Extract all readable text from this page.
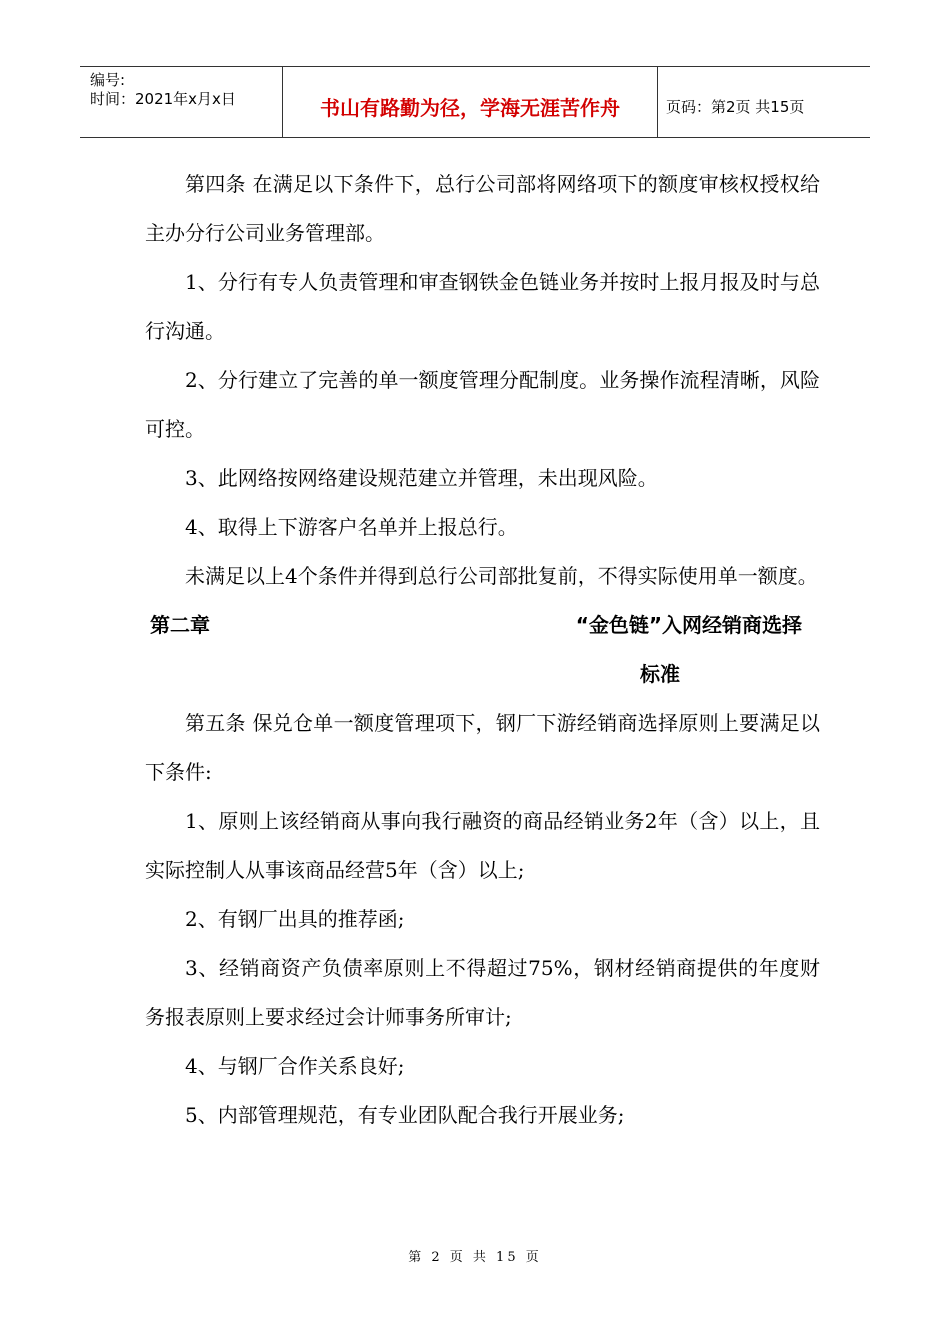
编号:
时间：2021年x月x日	书山有路勤为径，学海无涯苦作舟	页码：第2页 共15页

第四条 在满足以下条件下，总行公司部将网络项下的额度审核权授权给主办分行公司业务管理部。

1、分行有专人负责管理和审查钢铁金色链业务并按时上报月报及时与总行沟通。

2、分行建立了完善的单一额度管理分配制度。业务操作流程清晰，风险可控。

3、此网络按网络建设规范建立并管理，未出现风险。

4、取得上下游客户名单并上报总行。

未满足以上4个条件并得到总行公司部批复前，不得实际使用单一额度。

第二章	“金色链”入网经销商选择

标准

第五条 保兑仓单一额度管理项下，钢厂下游经销商选择原则上要满足以下条件:

1、原则上该经销商从事向我行融资的商品经销业务2年（含）以上，且实际控制人从事该商品经营5年（含）以上;

2、有钢厂出具的推荐函;

3、经销商资产负债率原则上不得超过75%，钢材经销商提供的年度财务报表原则上要求经过会计师事务所审计;

4、与钢厂合作关系良好;

5、内部管理规范，有专业团队配合我行开展业务;

第 2 页 共 15 页
